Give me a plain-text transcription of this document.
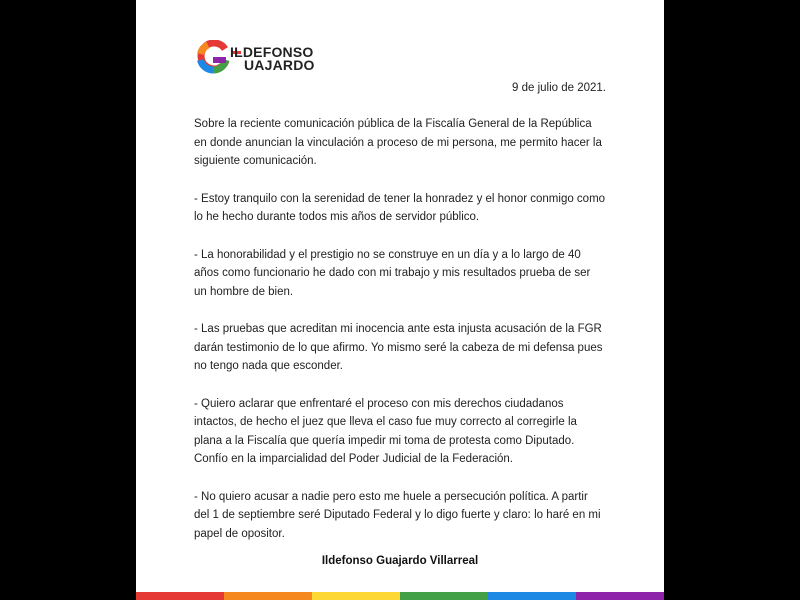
ILDEFONSO
UAJARDO
9 de julio de 2021.

Sobre la reciente comunicación pública de la Fiscalía General de la República en donde anuncian la vinculación a proceso de mi persona, me permito hacer la siguiente comunicación.

- Estoy tranquilo con la serenidad de tener la honradez y el honor conmigo como lo he hecho durante todos mis años de servidor público.

- La honorabilidad y el prestigio no se construye en un día y a lo largo de 40 años como funcionario he dado con mi trabajo y mis resultados prueba de ser un hombre de bien.

- Las pruebas que acreditan mi inocencia ante esta injusta acusación de la FGR darán testimonio de lo que afirmo. Yo mismo seré la cabeza de mi defensa pues no tengo nada que esconder.

- Quiero aclarar que enfrentaré el proceso con mis derechos ciudadanos intactos, de hecho el juez que lleva el caso fue muy correcto al corregirle la plana a la Fiscalía que quería impedir mi toma de protesta como Diputado. Confío en la imparcialidad del Poder Judicial de la Federación.

- No quiero acusar a nadie pero esto me huele a persecución política. A partir del 1 de septiembre seré Diputado Federal y lo digo fuerte y claro: lo haré en mi papel de opositor.

Ildefonso Guajardo Villarreal
